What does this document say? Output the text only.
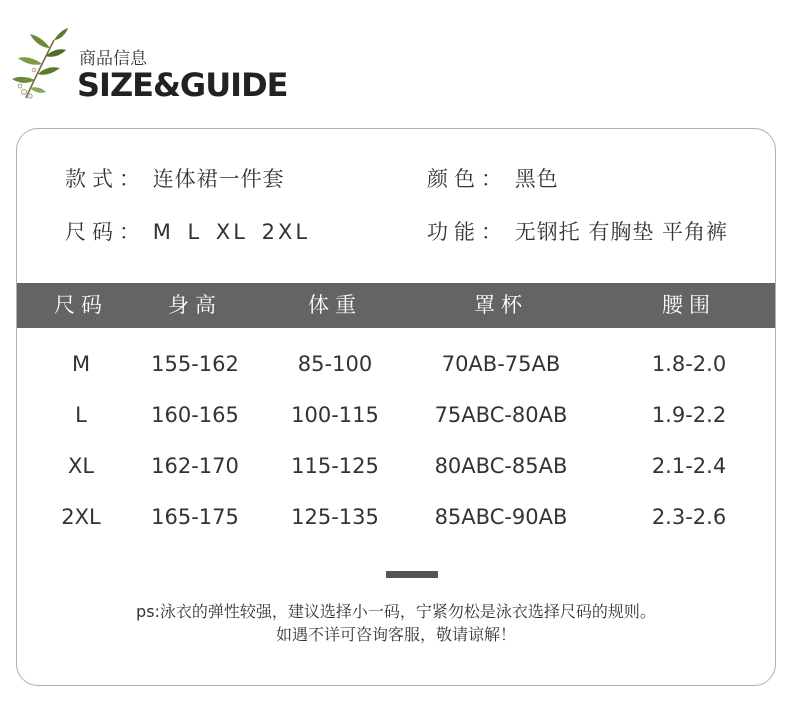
商品信息
SIZE&GUIDE
款式： 连体裙一件套	颜色： 黑色
尺码： M L XL 2XL	功能： 无钢托 有胸垫 平角裤
尺码	身高	体重	罩杯	腰围
M	155-162	85-100	70AB-75AB	1.8-2.0
L	160-165	100-115	75ABC-80AB	1.9-2.2
XL	162-170	115-125	80ABC-85AB	2.1-2.4
2XL	165-175	125-135	85ABC-90AB	2.3-2.6
ps:泳衣的弹性较强，建议选择小一码，宁紧勿松是泳衣选择尺码的规则。
如遇不详可咨询客服，敬请谅解！
